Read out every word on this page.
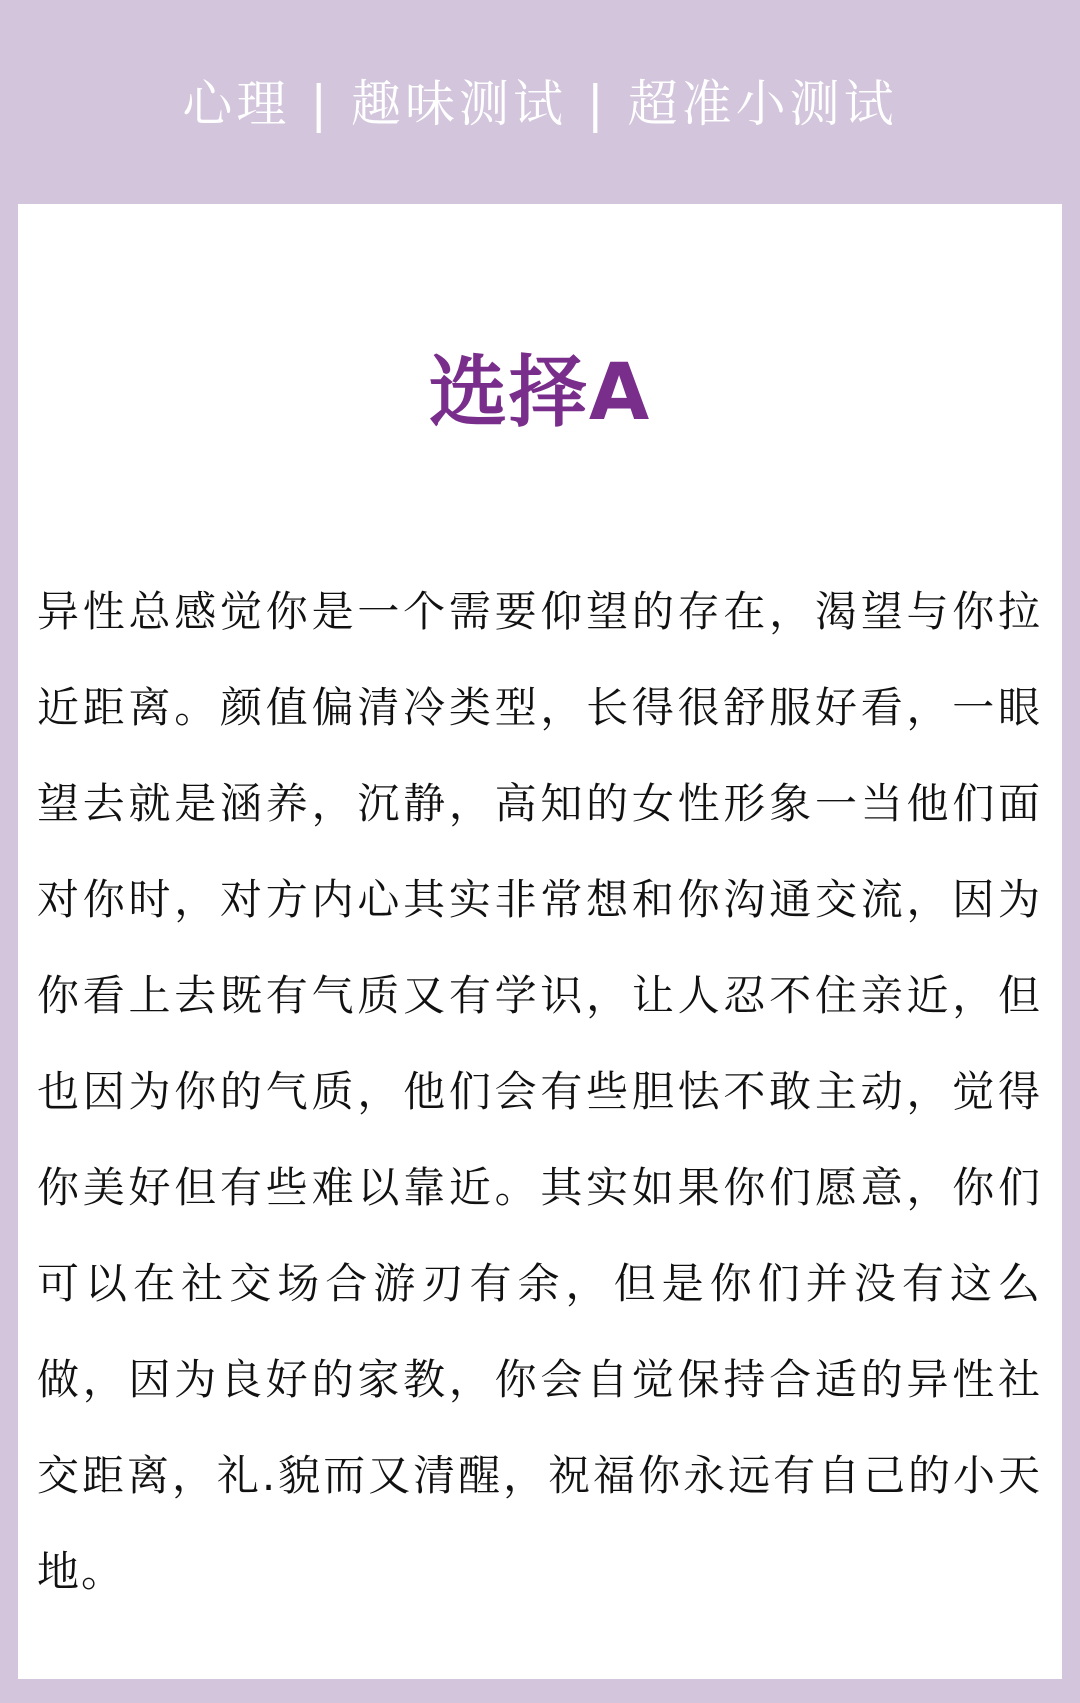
心理 | 趣味测试 | 超准小测试
选择A

异性总感觉你是一个需要仰望的存在，渴望与你拉近距离。颜值偏清冷类型，长得很舒服好看，一眼望去就是涵养，沉静，高知的女性形象一当他们面对你时，对方内心其实非常想和你沟通交流，因为你看上去既有气质又有学识，让人忍不住亲近，但也因为你的气质，他们会有些胆怯不敢主动，觉得你美好但有些难以靠近。其实如果你们愿意，你们可以在社交场合游刃有余，但是你们并没有这么做，因为良好的家教，你会自觉保持合适的异性社交距离，礼.貌而又清醒，祝福你永远有自己的小天地。
